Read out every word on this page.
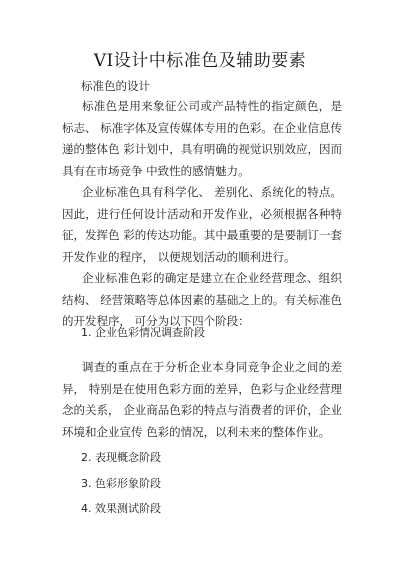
VI设计中标准色及辅助要素
标准色的设计

标准色是用来象征公司或产品特性的指定颜色，是标志、 标准字体及宣传媒体专用的色彩。在企业信息传递的整体色 彩计划中，具有明确的视觉识别效应，因而具有在市场竞争 中致性的感情魅力。

企业标准色具有科学化、 差别化、系统化的特点。因此，进行任何设计活动和开发作业，必须根据各种特征，发挥色 彩的传达功能。其中最重要的是要制订一套开发作业的程序， 以便规划活动的顺利进行。

企业标准色彩的确定是建立在企业经营理念、组织结构、 经营策略等总体因素的基础之上的。有关标准色的开发程序， 可分为以下四个阶段：

1. 企业色彩情况调查阶段

调查的重点在于分析企业本身同竞争企业之间的差异， 特别是在使用色彩方面的差异，色彩与企业经营理念的关系， 企业商品色彩的特点与消费者的评价，企业环境和企业宣传 色彩的情况，以利未来的整体作业。

2. 表现概念阶段
3. 色彩形象阶段
4. 效果测试阶段
